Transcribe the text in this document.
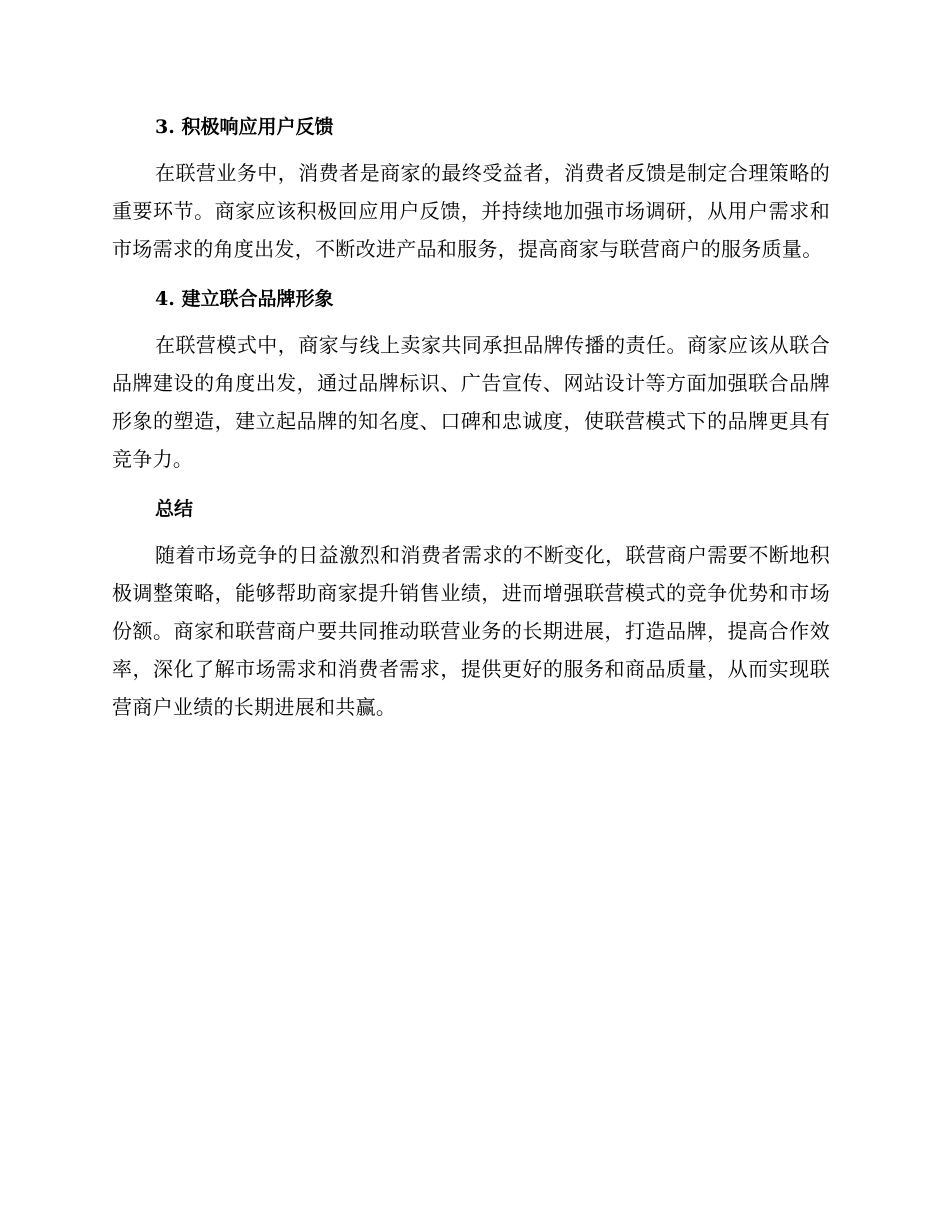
3. 积极响应用户反馈

在联营业务中，消费者是商家的最终受益者，消费者反馈是制定合理策略的重要环节。商家应该积极回应用户反馈，并持续地加强市场调研，从用户需求和市场需求的角度出发，不断改进产品和服务，提高商家与联营商户的服务质量。

4. 建立联合品牌形象

在联营模式中，商家与线上卖家共同承担品牌传播的责任。商家应该从联合品牌建设的角度出发，通过品牌标识、广告宣传、网站设计等方面加强联合品牌形象的塑造，建立起品牌的知名度、口碑和忠诚度，使联营模式下的品牌更具有竞争力。

总结

随着市场竞争的日益激烈和消费者需求的不断变化，联营商户需要不断地积极调整策略，能够帮助商家提升销售业绩，进而增强联营模式的竞争优势和市场份额。商家和联营商户要共同推动联营业务的长期进展，打造品牌，提高合作效率，深化了解市场需求和消费者需求，提供更好的服务和商品质量，从而实现联营商户业绩的长期进展和共赢。
